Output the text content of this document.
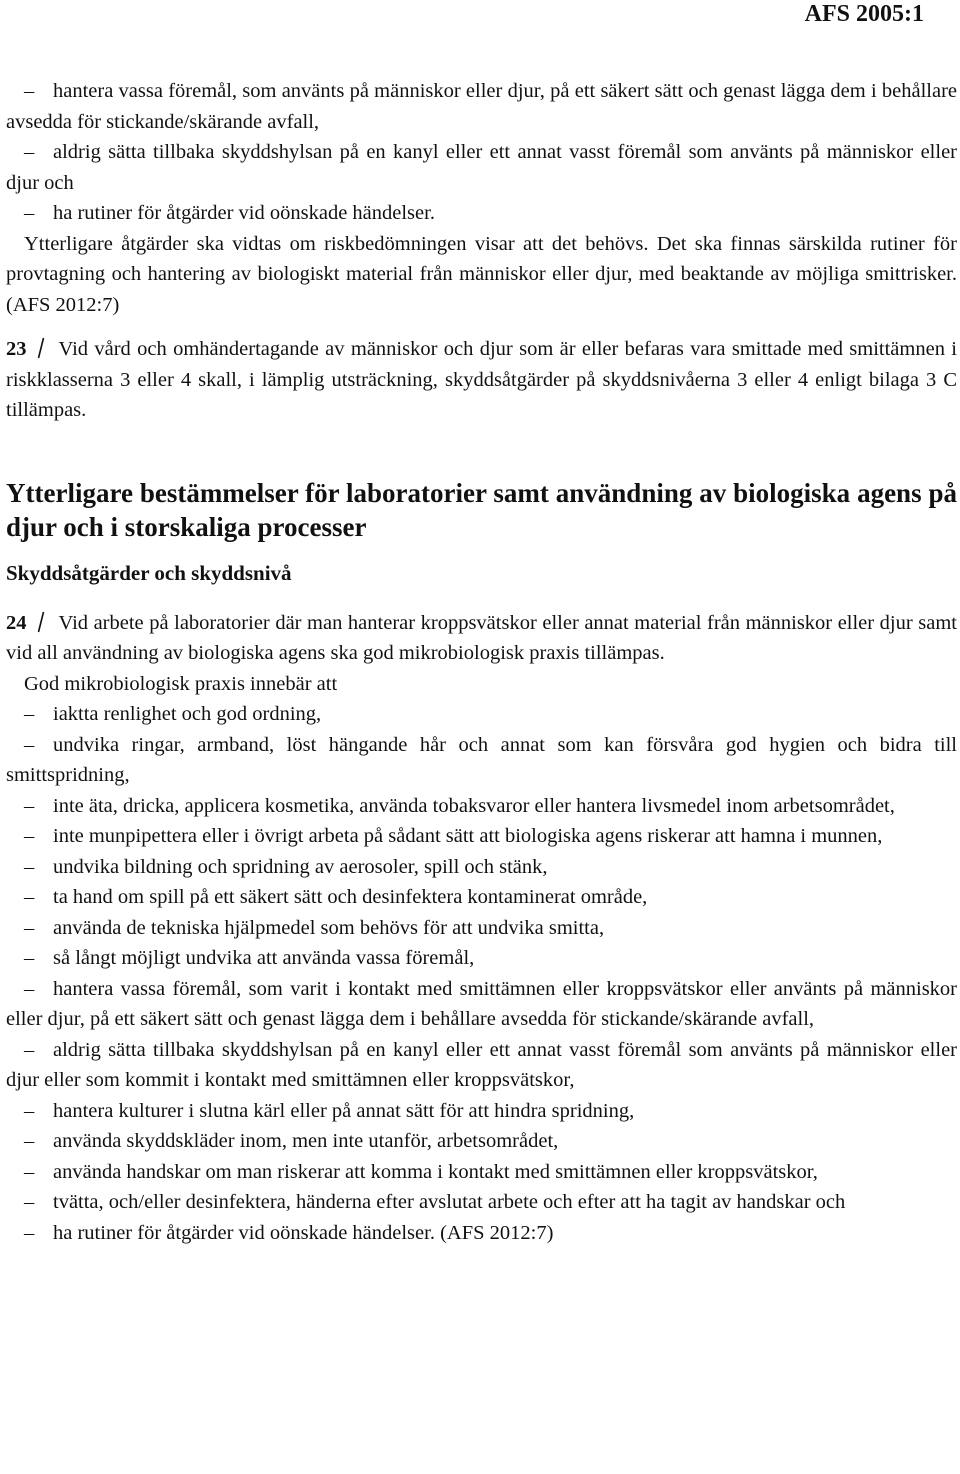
AFS 2005:1
– hantera vassa föremål, som använts på människor eller djur, på ett säkert sätt och genast lägga dem i behållare avsedda för stickande/skärande avfall,
– aldrig sätta tillbaka skyddshylsan på en kanyl eller ett annat vasst föremål som använts på människor eller djur och
– ha rutiner för åtgärder vid oönskade händelser.
Ytterligare åtgärder ska vidtas om riskbedömningen visar att det behövs. Det ska finnas särskilda rutiner för provtagning och hantering av biologiskt material från människor eller djur, med beaktande av möjliga smittrisker. (AFS 2012:7)
23 Vid vård och omhändertagande av människor och djur som är eller befaras vara smittade med smittämnen i riskklasserna 3 eller 4 skall, i lämplig utsträckning, skyddsåtgärder på skyddsnivåerna 3 eller 4 enligt bilaga 3 C tillämpas.
Ytterligare bestämmelser för laboratorier samt användning av biologiska agens på djur och i storskaliga processer
Skyddsåtgärder och skyddsnivå
24 Vid arbete på laboratorier där man hanterar kroppsvätskor eller annat material från människor eller djur samt vid all användning av biologiska agens ska god mikrobiologisk praxis tillämpas.
God mikrobiologisk praxis innebär att
– iaktta renlighet och god ordning,
– undvika ringar, armband, löst hängande hår och annat som kan försvåra god hygien och bidra till smittspridning,
– inte äta, dricka, applicera kosmetika, använda tobaksvaror eller hantera livsmedel inom arbetsområdet,
– inte munpipettera eller i övrigt arbeta på sådant sätt att biologiska agens riskerar att hamna i munnen,
– undvika bildning och spridning av aerosoler, spill och stänk,
– ta hand om spill på ett säkert sätt och desinfektera kontaminerat område,
– använda de tekniska hjälpmedel som behövs för att undvika smitta,
– så långt möjligt undvika att använda vassa föremål,
– hantera vassa föremål, som varit i kontakt med smittämnen eller kroppsvätskor eller använts på människor eller djur, på ett säkert sätt och genast lägga dem i behållare avsedda för stickande/skärande avfall,
– aldrig sätta tillbaka skyddshylsan på en kanyl eller ett annat vasst föremål som använts på människor eller djur eller som kommit i kontakt med smittämnen eller kroppsvätskor,
– hantera kulturer i slutna kärl eller på annat sätt för att hindra spridning,
– använda skyddskläder inom, men inte utanför, arbetsområdet,
– använda handskar om man riskerar att komma i kontakt med smittämnen eller kroppsvätskor,
– tvätta, och/eller desinfektera, händerna efter avslutat arbete och efter att ha tagit av handskar och
– ha rutiner för åtgärder vid oönskade händelser. (AFS 2012:7)
